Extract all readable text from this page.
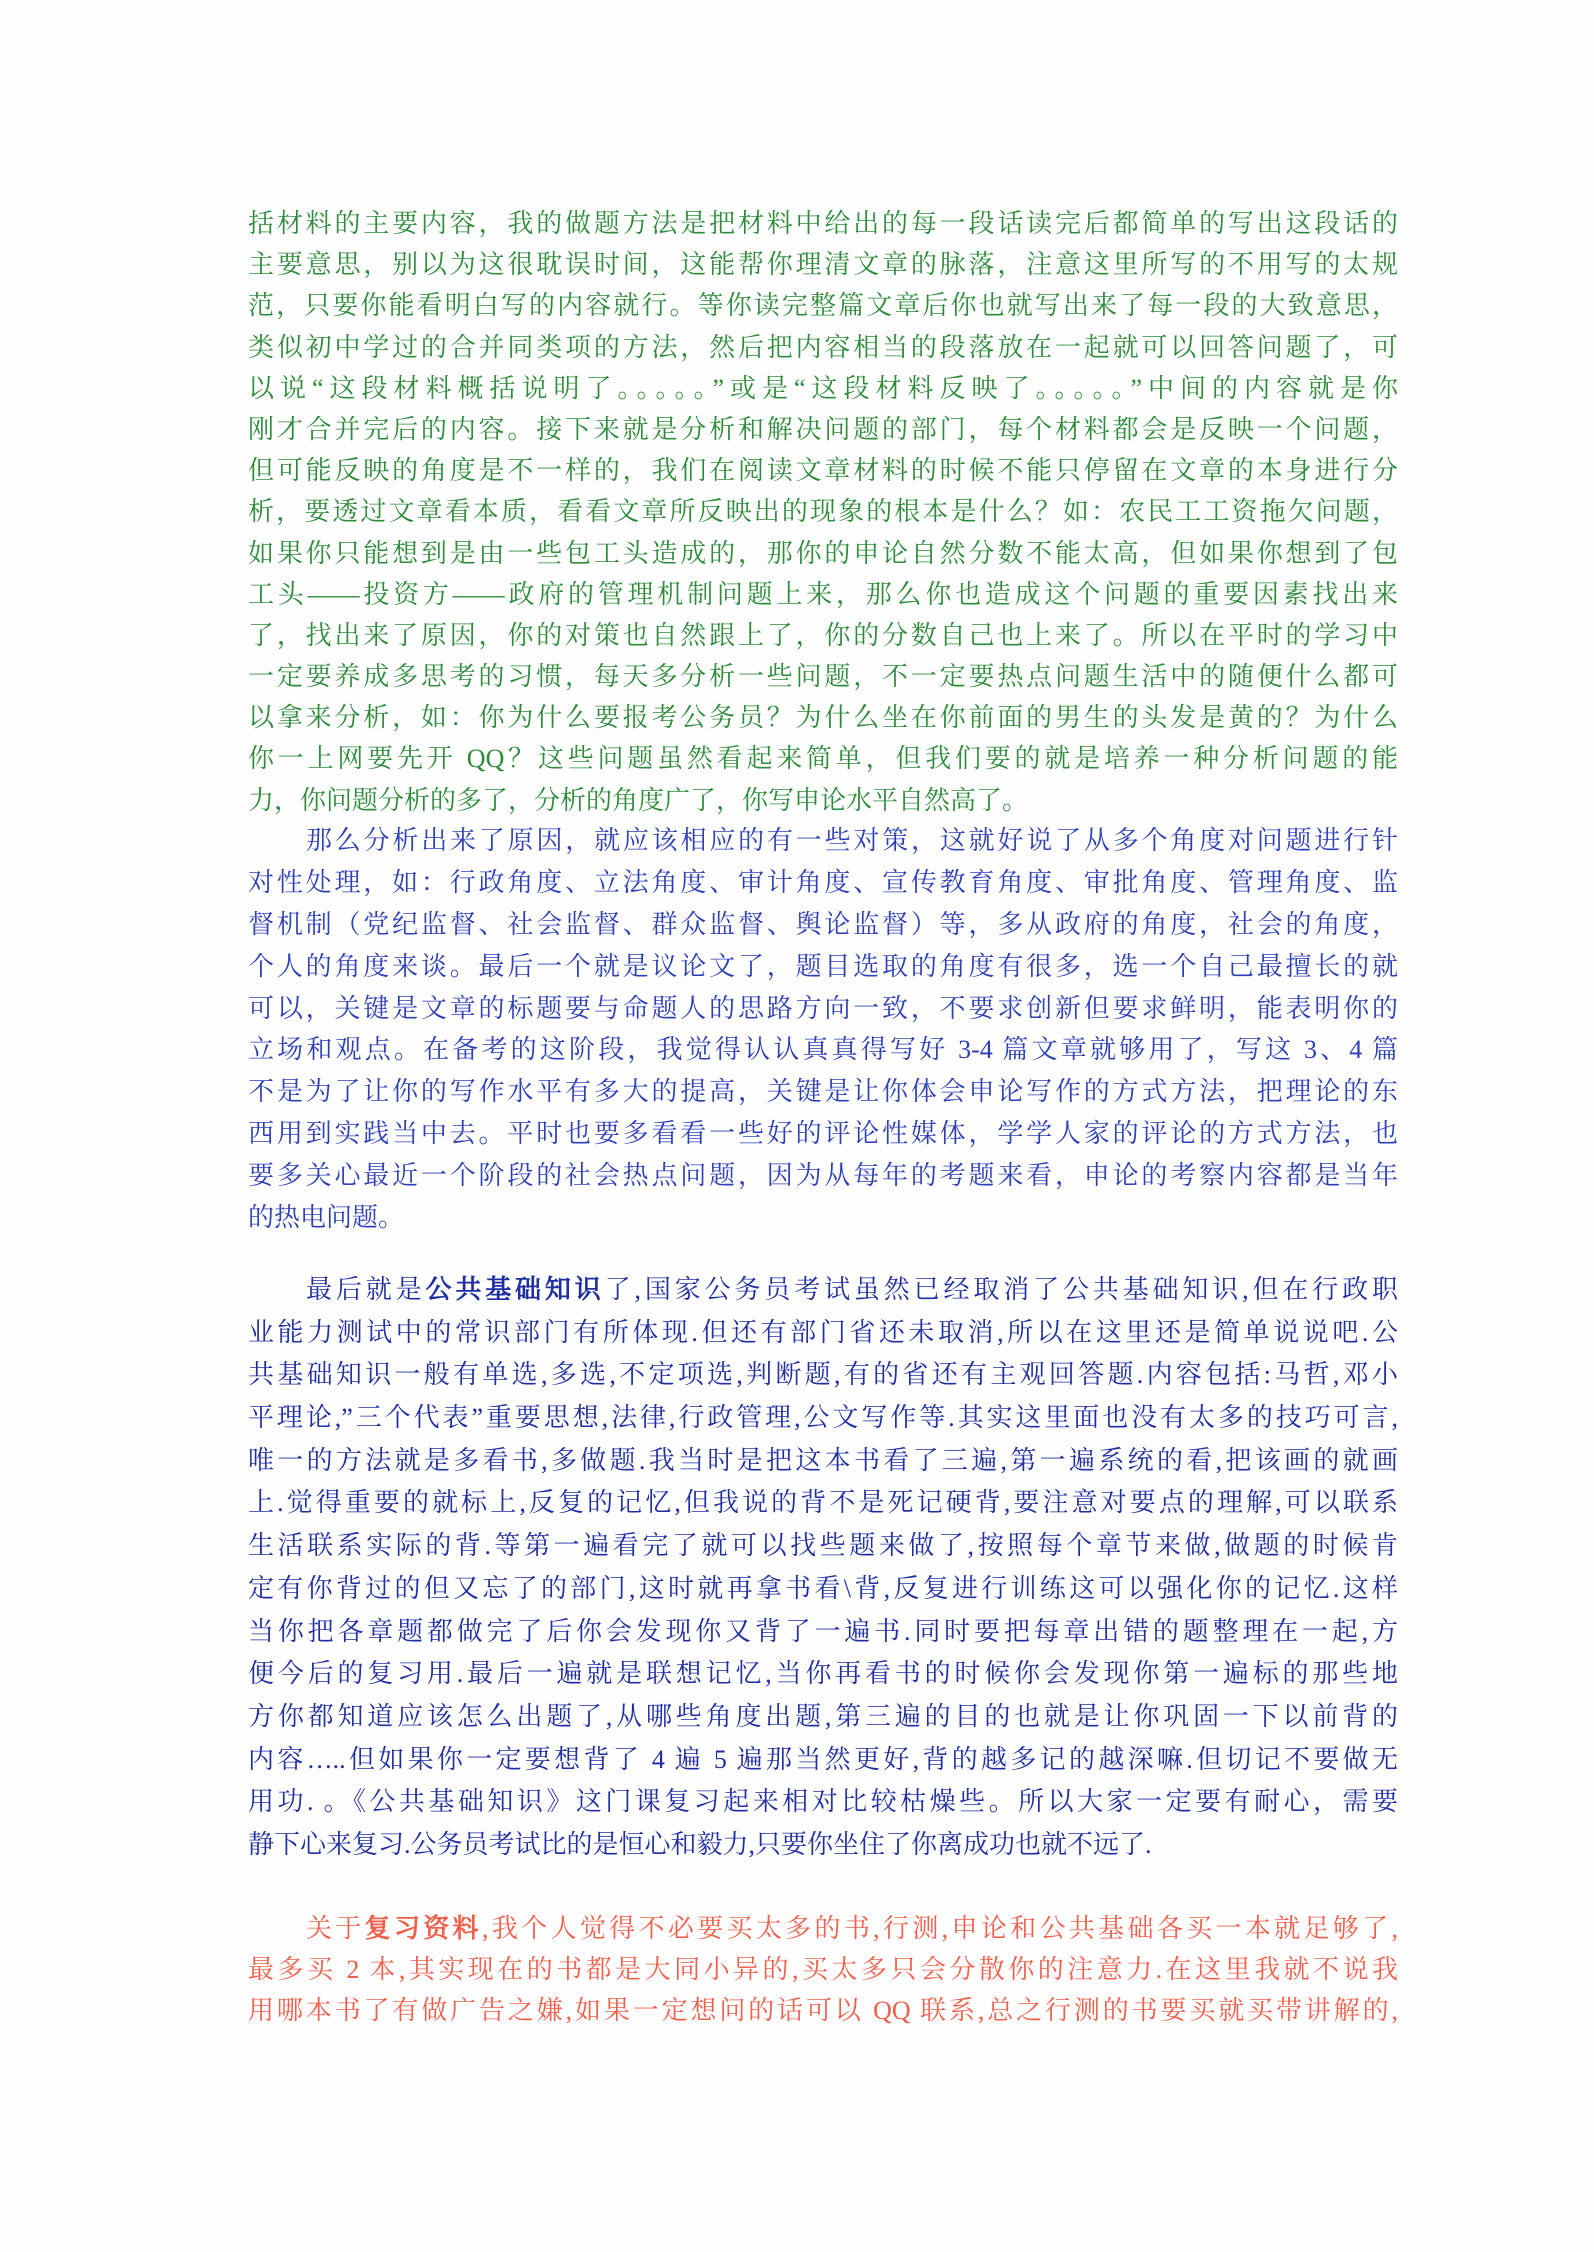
括材料的主要内容，我的做题方法是把材料中给出的每一段话读完后都简单的写出这段话的
主要意思，别以为这很耽误时间，这能帮你理清文章的脉落，注意这里所写的不用写的太规
范，只要你能看明白写的内容就行。等你读完整篇文章后你也就写出来了每一段的大致意思，
类似初中学过的合并同类项的方法，然后把内容相当的段落放在一起就可以回答问题了，可
以说“这段材料概括说明了。。。。。”或是“这段材料反映了。。。。。”中间的内容就是你
刚才合并完后的内容。接下来就是分析和解决问题的部门，每个材料都会是反映一个问题，
但可能反映的角度是不一样的，我们在阅读文章材料的时候不能只停留在文章的本身进行分
析，要透过文章看本质，看看文章所反映出的现象的根本是什么？如：农民工工资拖欠问题，
如果你只能想到是由一些包工头造成的，那你的申论自然分数不能太高，但如果你想到了包
工头——投资方——政府的管理机制问题上来，那么你也造成这个问题的重要因素找出来
了，找出来了原因，你的对策也自然跟上了，你的分数自己也上来了。所以在平时的学习中
一定要养成多思考的习惯，每天多分析一些问题，不一定要热点问题生活中的随便什么都可
以拿来分析，如：你为什么要报考公务员？为什么坐在你前面的男生的头发是黄的？为什么
你一上网要先开 QQ？这些问题虽然看起来简单，但我们要的就是培养一种分析问题的能
力，你问题分析的多了，分析的角度广了，你写申论水平自然高了。
那么分析出来了原因，就应该相应的有一些对策，这就好说了从多个角度对问题进行针
对性处理，如：行政角度、立法角度、审计角度、宣传教育角度、审批角度、管理角度、监
督机制（党纪监督、社会监督、群众监督、舆论监督）等，多从政府的角度，社会的角度，
个人的角度来谈。最后一个就是议论文了，题目选取的角度有很多，选一个自己最擅长的就
可以，关键是文章的标题要与命题人的思路方向一致，不要求创新但要求鲜明，能表明你的
立场和观点。在备考的这阶段，我觉得认认真真得写好 3-4 篇文章就够用了，写这 3、4 篇
不是为了让你的写作水平有多大的提高，关键是让你体会申论写作的方式方法，把理论的东
西用到实践当中去。平时也要多看看一些好的评论性媒体，学学人家的评论的方式方法，也
要多关心最近一个阶段的社会热点问题，因为从每年的考题来看，申论的考察内容都是当年
的热电问题。
最后就是公共基础知识了,国家公务员考试虽然已经取消了公共基础知识,但在行政职
业能力测试中的常识部门有所体现.但还有部门省还未取消,所以在这里还是简单说说吧.公
共基础知识一般有单选,多选,不定项选,判断题,有的省还有主观回答题.内容包括:马哲,邓小
平理论,”三个代表”重要思想,法律,行政管理,公文写作等.其实这里面也没有太多的技巧可言,
唯一的方法就是多看书,多做题.我当时是把这本书看了三遍,第一遍系统的看,把该画的就画
上.觉得重要的就标上,反复的记忆,但我说的背不是死记硬背,要注意对要点的理解,可以联系
生活联系实际的背.等第一遍看完了就可以找些题来做了,按照每个章节来做,做题的时候肯
定有你背过的但又忘了的部门,这时就再拿书看\背,反复进行训练这可以强化你的记忆.这样
当你把各章题都做完了后你会发现你又背了一遍书.同时要把每章出错的题整理在一起,方
便今后的复习用.最后一遍就是联想记忆,当你再看书的时候你会发现你第一遍标的那些地
方你都知道应该怎么出题了,从哪些角度出题,第三遍的目的也就是让你巩固一下以前背的
内容…..但如果你一定要想背了 4 遍 5 遍那当然更好,背的越多记的越深嘛.但切记不要做无
用功. 。《公共基础知识》这门课复习起来相对比较枯燥些。所以大家一定要有耐心，需要
静下心来复习.公务员考试比的是恒心和毅力,只要你坐住了你离成功也就不远了.
关于复习资料,我个人觉得不必要买太多的书,行测,申论和公共基础各买一本就足够了,
最多买 2 本,其实现在的书都是大同小异的,买太多只会分散你的注意力.在这里我就不说我
用哪本书了有做广告之嫌,如果一定想问的话可以 QQ 联系,总之行测的书要买就买带讲解的,
